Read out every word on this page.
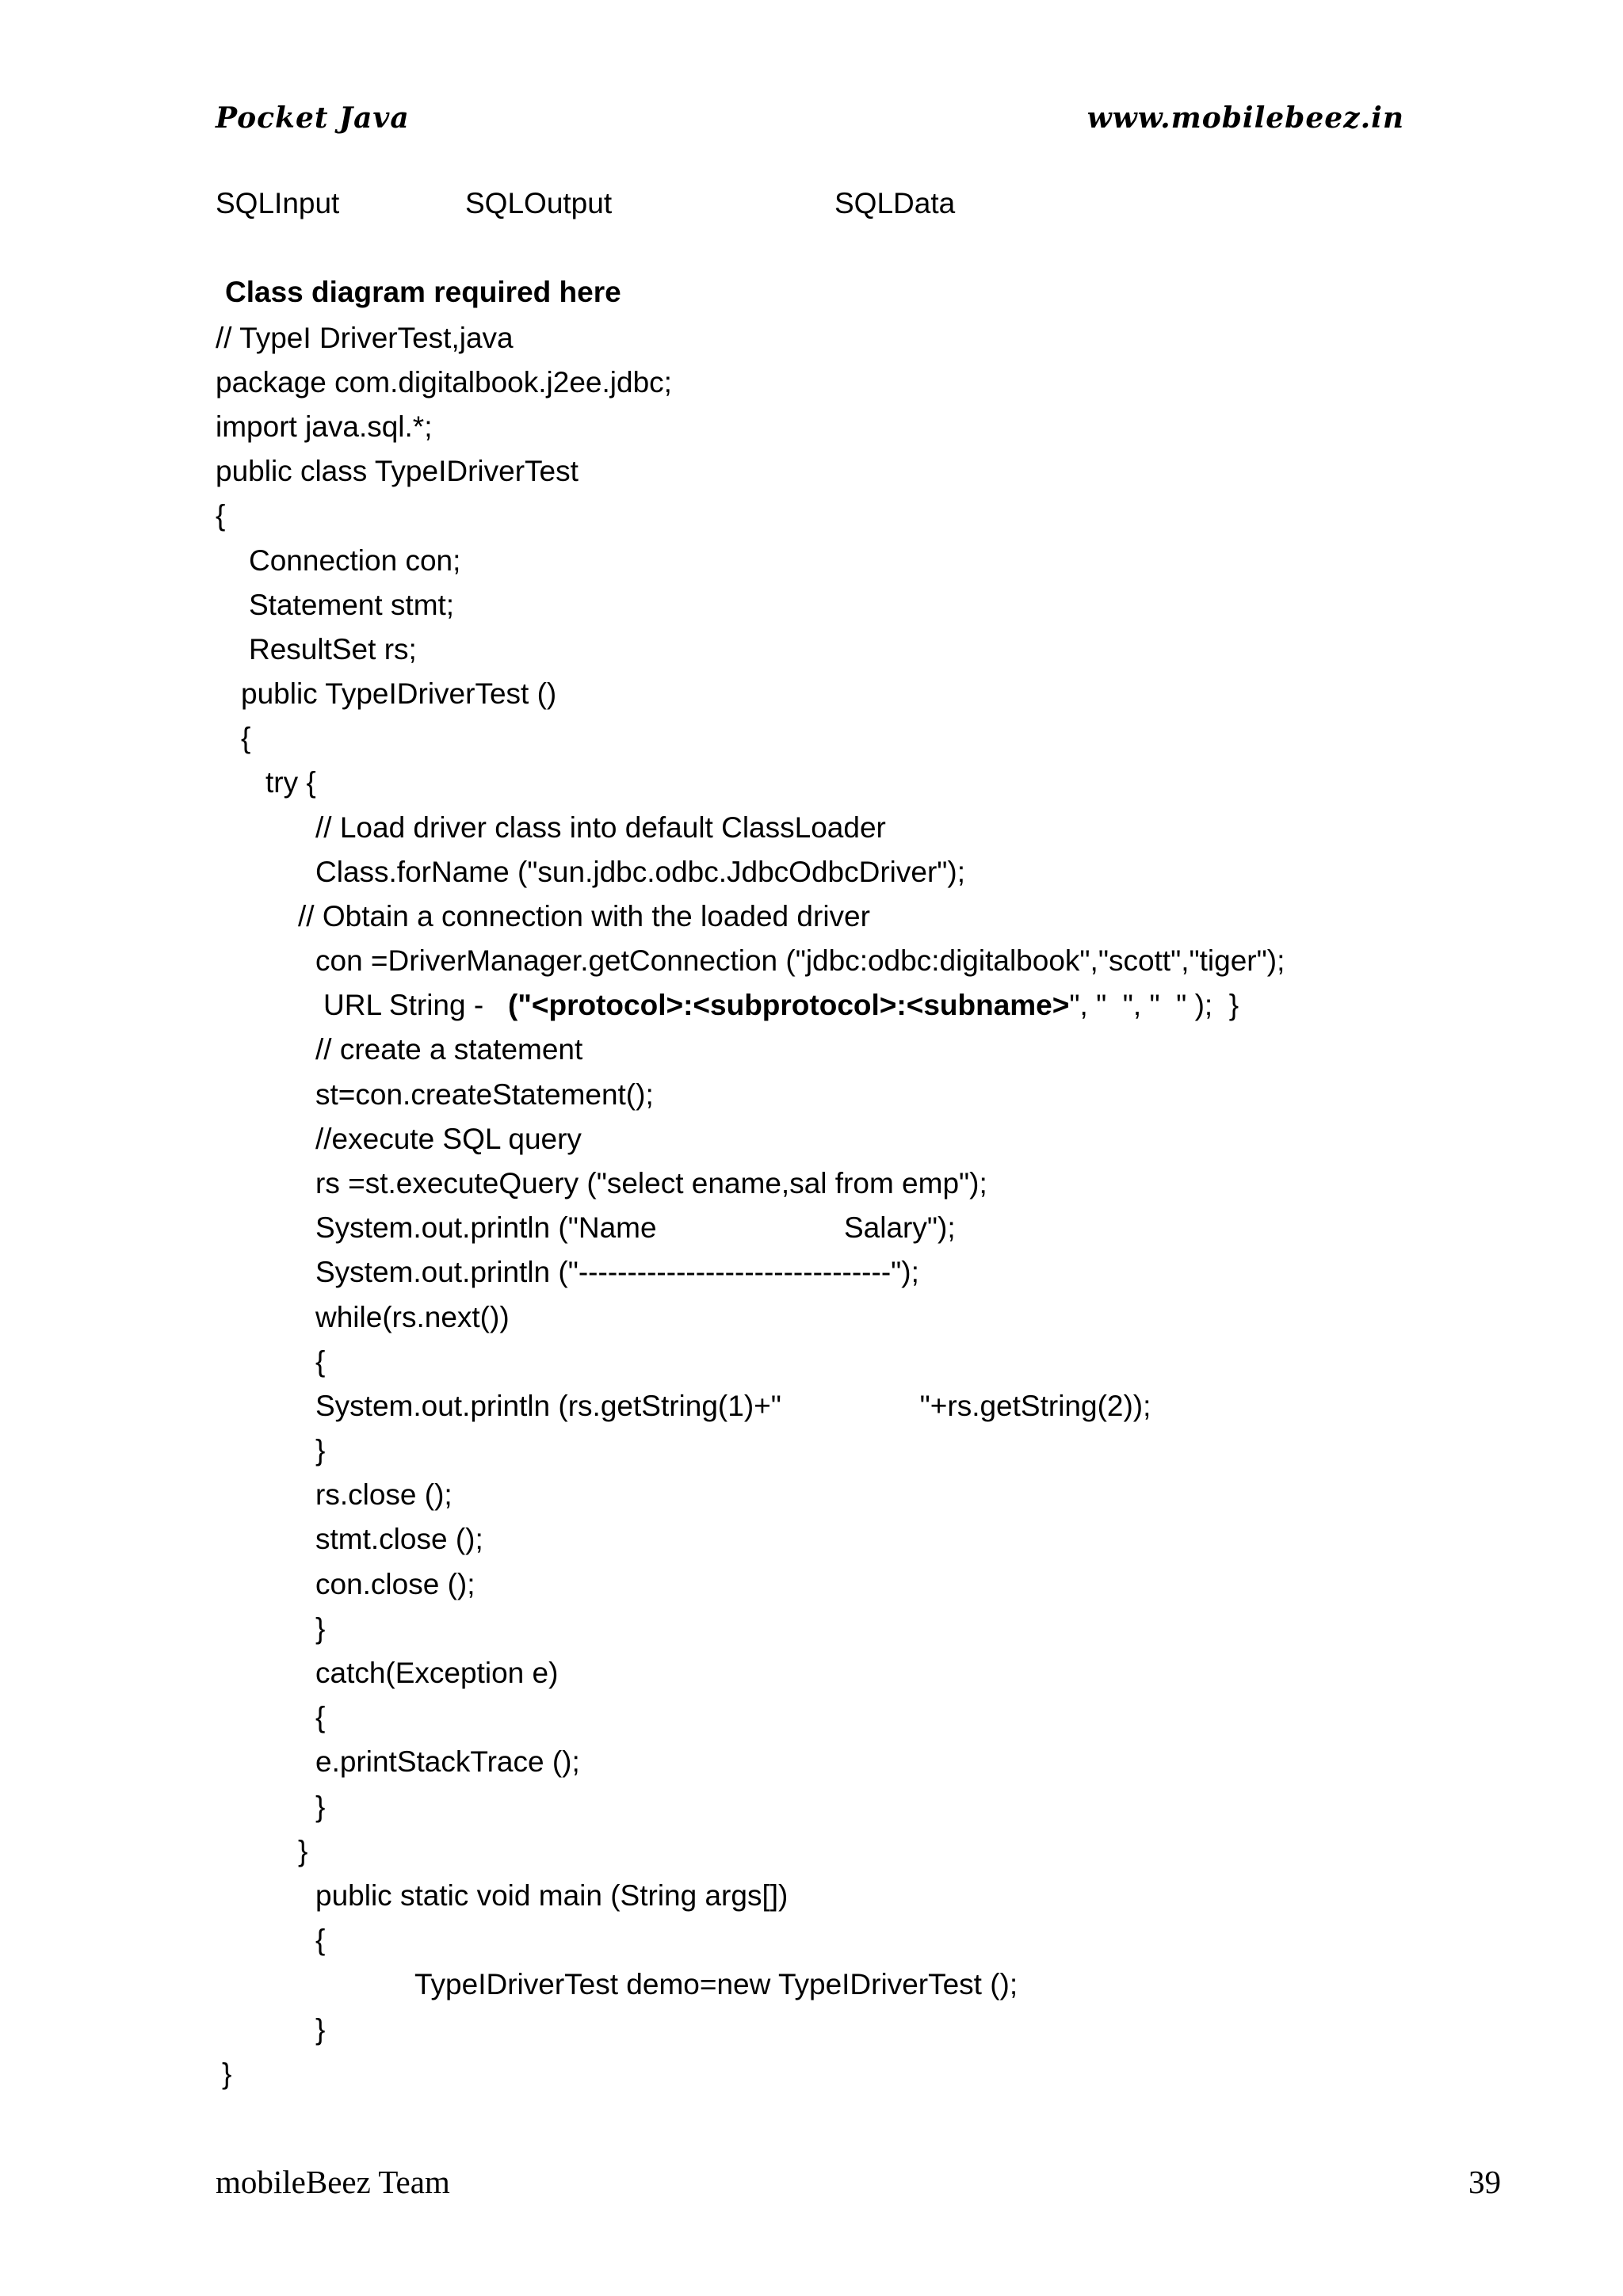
Pocket Java	www.mobilebeez.in
SQLInput	SQLOutput	SQLData
Class diagram required here
// TypeI DriverTest,java
package com.digitalbook.j2ee.jdbc;
import java.sql.*;
public class TypeIDriverTest
{
Connection con;
Statement stmt;
ResultSet rs;
public TypeIDriverTest ()
{
try {
// Load driver class into default ClassLoader
Class.forName ("sun.jdbc.odbc.JdbcOdbcDriver");
// Obtain a connection with the loaded driver
con =DriverManager.getConnection ("jdbc:odbc:digitalbook","scott","tiger");
URL String -   ("<protocol>:<subprotocol>:<subname>", "  ", "  " );  }
// create a statement
st=con.createStatement();
//execute SQL query
rs =st.executeQuery ("select ename,sal from emp");
System.out.println ("Name                       Salary");
System.out.println ("--------------------------------");
while(rs.next())
{
System.out.println (rs.getString(1)+"                 "+rs.getString(2));
}
rs.close ();
stmt.close ();
con.close ();
}
catch(Exception e)
{
e.printStackTrace ();
}
}
public static void main (String args[])
{
TypeIDriverTest demo=new TypeIDriverTest ();
}
}
mobileBeez Team	39
